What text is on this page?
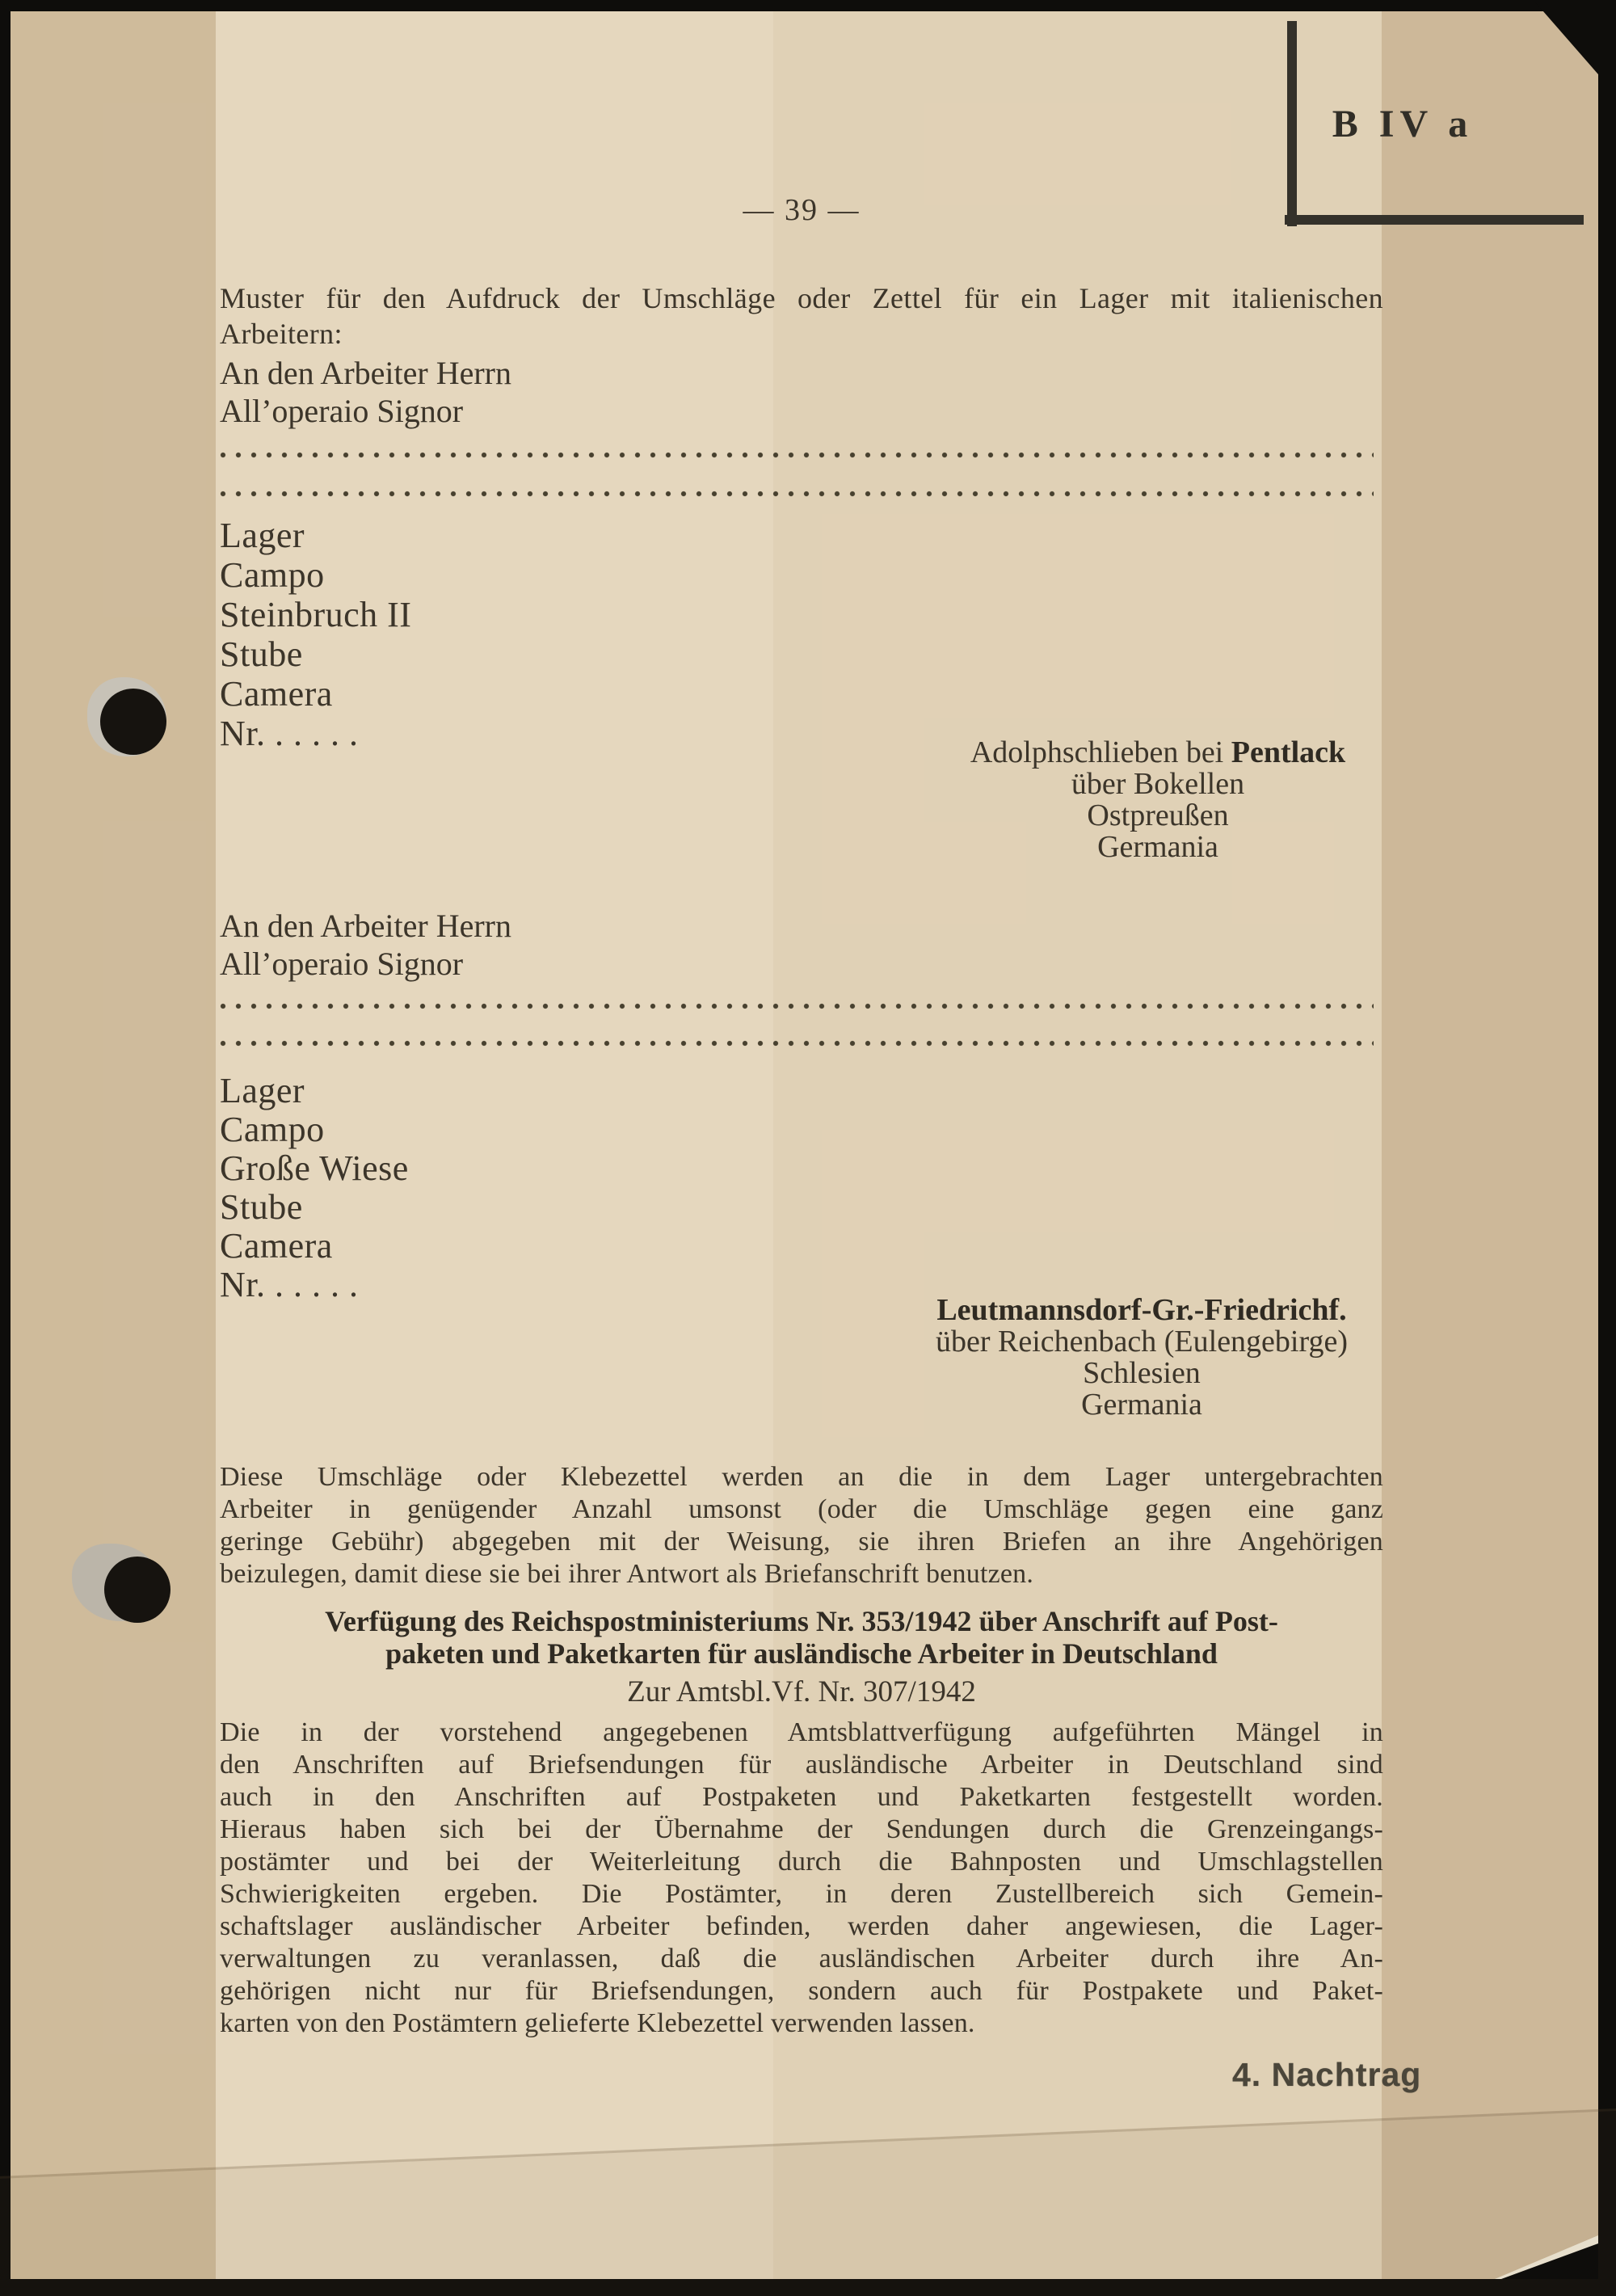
B IV a
— 39 —
Muster für den Aufdruck der Umschläge oder Zettel für ein Lager mit italienischen
Arbeitern:
An den Arbeiter Herrn
All’operaio Signor
Lager
Campo
Steinbruch II
Stube
Camera
Nr. . . . . .	Adolphschlieben bei Pentlack
über Bokellen
Ostpreußen
Germania
An den Arbeiter Herrn
All’operaio Signor
Lager
Campo
Große Wiese
Stube
Camera
Nr. . . . . .
Leutmannsdorf-Gr.-Friedrichf.
über Reichenbach (Eulengebirge)
Schlesien
Germania
Diese Umschläge oder Klebezettel werden an die in dem Lager untergebrachten
Arbeiter in genügender Anzahl umsonst (oder die Umschläge gegen eine ganz
geringe Gebühr) abgegeben mit der Weisung, sie ihren Briefen an ihre Angehörigen
beizulegen, damit diese sie bei ihrer Antwort als Briefanschrift benutzen.
Verfügung des Reichspostministeriums Nr. 353/1942 über Anschrift auf Post-
paketen und Paketkarten für ausländische Arbeiter in Deutschland
Zur Amtsbl.Vf. Nr. 307/1942
Die in der vorstehend angegebenen Amtsblattverfügung aufgeführten Mängel in
den Anschriften auf Briefsendungen für ausländische Arbeiter in Deutschland sind
auch in den Anschriften auf Postpaketen und Paketkarten festgestellt worden.
Hieraus haben sich bei der Übernahme der Sendungen durch die Grenzeingangs-
postämter und bei der Weiterleitung durch die Bahnposten und Umschlagstellen
Schwierigkeiten ergeben. Die Postämter, in deren Zustellbereich sich Gemein-
schaftslager ausländischer Arbeiter befinden, werden daher angewiesen, die Lager-
verwaltungen zu veranlassen, daß die ausländischen Arbeiter durch ihre An-
gehörigen nicht nur für Briefsendungen, sondern auch für Postpakete und Paket-
karten von den Postämtern gelieferte Klebezettel verwenden lassen.
4. Nachtrag
